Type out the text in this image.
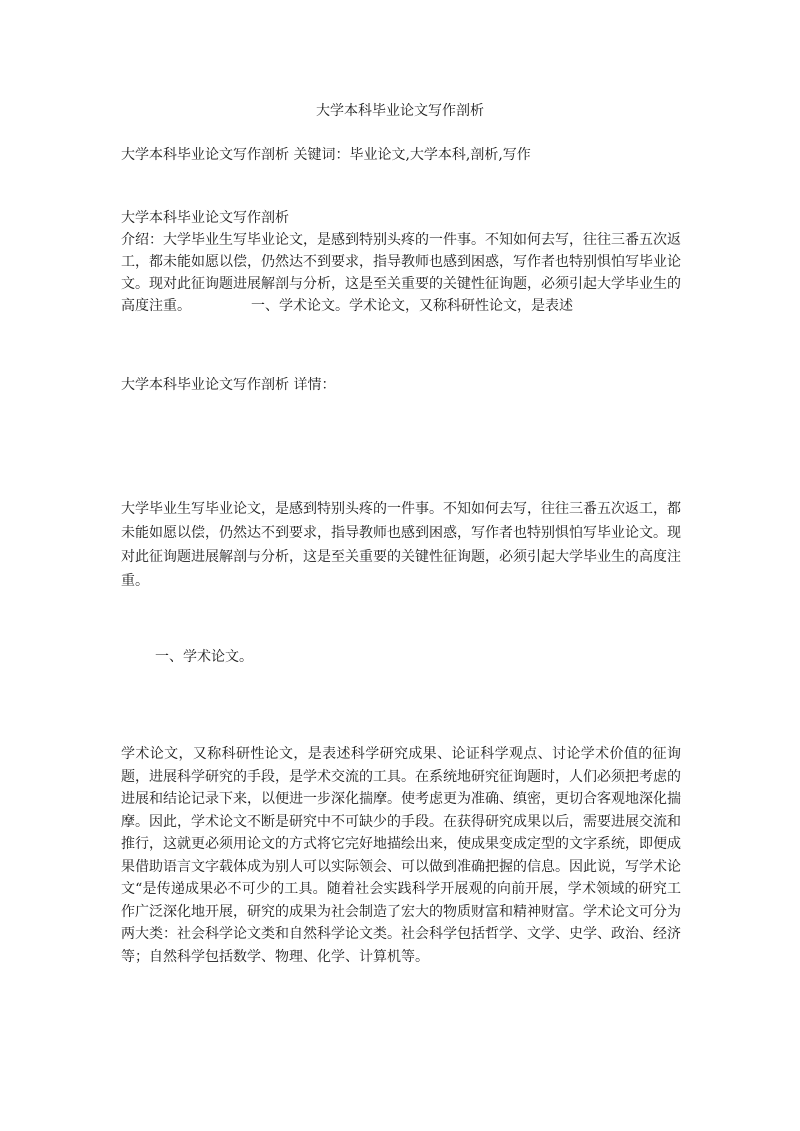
大学本科毕业论文写作剖析
大学本科毕业论文写作剖析 关键词：毕业论文,大学本科,剖析,写作
大学本科毕业论文写作剖析

介绍：大学毕业生写毕业论文，是感到特别头疼的一件事。不知如何去写，往往三番五次返工，都未能如愿以偿，仍然达不到要求，指导教师也感到困惑，写作者也特别惧怕写毕业论文。现对此征询题进展解剖与分析，这是至关重要的关键性征询题，必须引起大学毕业生的高度注重。	一、学术论文。学术论文，又称科研性论文，是表述

大学本科毕业论文写作剖析 详情：

大学毕业生写毕业论文，是感到特别头疼的一件事。不知如何去写，往往三番五次返工，都未能如愿以偿，仍然达不到要求，指导教师也感到困惑，写作者也特别惧怕写毕业论文。现对此征询题进展解剖与分析，这是至关重要的关键性征询题，必须引起大学毕业生的高度注重。

一、学术论文。

学术论文，又称科研性论文，是表述科学研究成果、论证科学观点、讨论学术价值的征询题，进展科学研究的手段，是学术交流的工具。在系统地研究征询题时，人们必须把考虑的进展和结论记录下来，以便进一步深化揣摩。使考虑更为准确、缜密，更切合客观地深化揣摩。因此，学术论文不断是研究中不可缺少的手段。在获得研究成果以后，需要进展交流和推行，这就更必须用论文的方式将它完好地描绘出来，使成果变成定型的文字系统，即便成果借助语言文字载体成为别人可以实际领会、可以做到准确把握的信息。因此说，写学术论文“是传递成果必不可少的工具。随着社会实践科学开展观的向前开展，学术领域的研究工作广泛深化地开展，研究的成果为社会制造了宏大的物质财富和精神财富。学术论文可分为两大类：社会科学论文类和自然科学论文类。社会科学包括哲学、文学、史学、政治、经济等；自然科学包括数学、物理、化学、计算机等。
